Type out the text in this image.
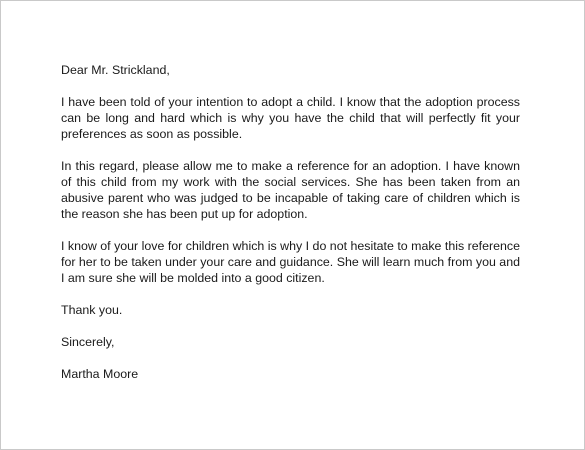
Dear Mr. Strickland,

I have been told of your intention to adopt a child. I know that the adoption process can be long and hard which is why you have the child that will perfectly fit your preferences as soon as possible.

In this regard, please allow me to make a reference for an adoption. I have known of this child from my work with the social services. She has been taken from an abusive parent who was judged to be incapable of taking care of children which is the reason she has been put up for adoption.

I know of your love for children which is why I do not hesitate to make this reference for her to be taken under your care and guidance. She will learn much from you and I am sure she will be molded into a good citizen.

Thank you.

Sincerely,

Martha Moore
